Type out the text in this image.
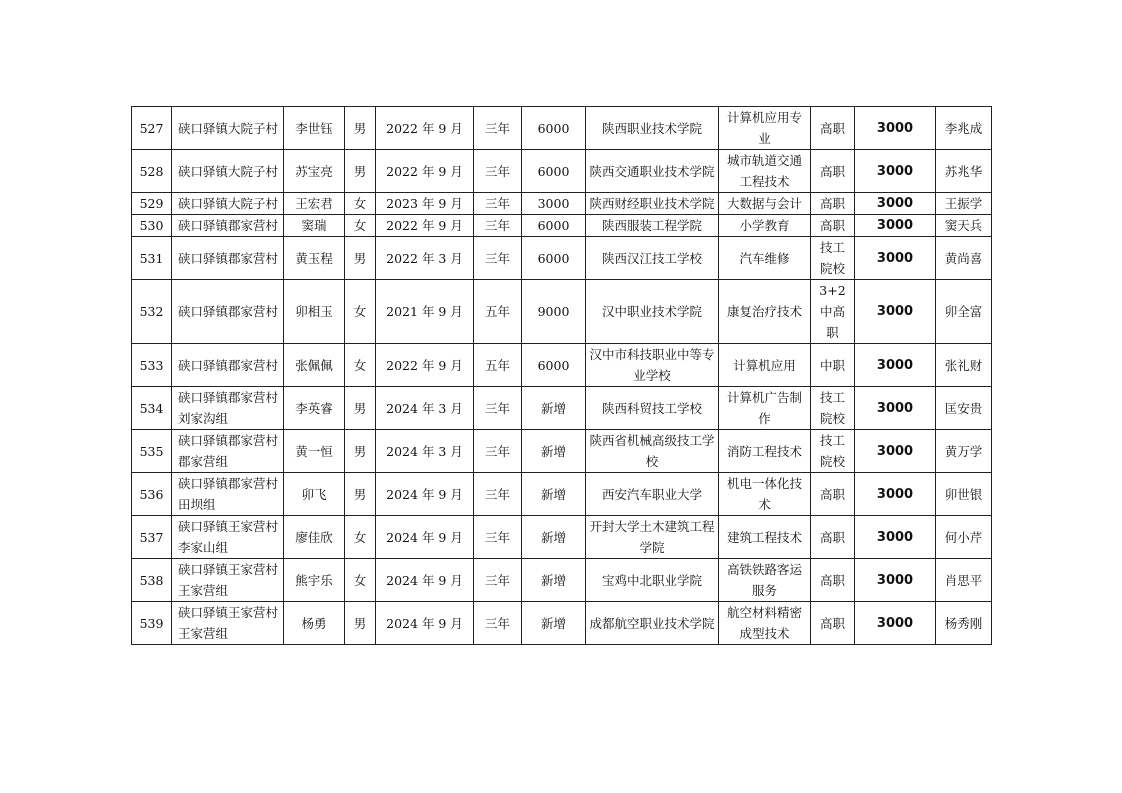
527	硖口驿镇大院子村	李世钰	男	2022 年 9 月	三年	6000	陕西职业技术学院	计算机应用专业	高职	3000	李兆成
528	硖口驿镇大院子村	苏宝亮	男	2022 年 9 月	三年	6000	陕西交通职业技术学院	城市轨道交通工程技术	高职	3000	苏兆华
529	硖口驿镇大院子村	王宏君	女	2023 年 9 月	三年	3000	陕西财经职业技术学院	大数据与会计	高职	3000	王振学
530	硖口驿镇郡家营村	窦瑞	女	2022 年 9 月	三年	6000	陕西服装工程学院	小学教育	高职	3000	窦天兵
531	硖口驿镇郡家营村	黄玉程	男	2022 年 3 月	三年	6000	陕西汉江技工学校	汽车维修	技工院校	3000	黄尚喜
532	硖口驿镇郡家营村	卯相玉	女	2021 年 9 月	五年	9000	汉中职业技术学院	康复治疗技术	3+2中高职	3000	卯全富
533	硖口驿镇郡家营村	张佩佩	女	2022 年 9 月	五年	6000	汉中市科技职业中等专业学校	计算机应用	中职	3000	张礼财
534	硖口驿镇郡家营村刘家沟组	李英睿	男	2024 年 3 月	三年	新增	陕西科贸技工学校	计算机广告制作	技工院校	3000	匡安贵
535	硖口驿镇郡家营村郡家营组	黄一恒	男	2024 年 3 月	三年	新增	陕西省机械高级技工学校	消防工程技术	技工院校	3000	黄万学
536	硖口驿镇郡家营村田坝组	卯飞	男	2024 年 9 月	三年	新增	西安汽车职业大学	机电一体化技术	高职	3000	卯世银
537	硖口驿镇王家营村李家山组	廖佳欣	女	2024 年 9 月	三年	新增	开封大学土木建筑工程学院	建筑工程技术	高职	3000	何小芹
538	硖口驿镇王家营村王家营组	熊宇乐	女	2024 年 9 月	三年	新增	宝鸡中北职业学院	高铁铁路客运服务	高职	3000	肖思平
539	硖口驿镇王家营村王家营组	杨勇	男	2024 年 9 月	三年	新增	成都航空职业技术学院	航空材料精密成型技术	高职	3000	杨秀刚
